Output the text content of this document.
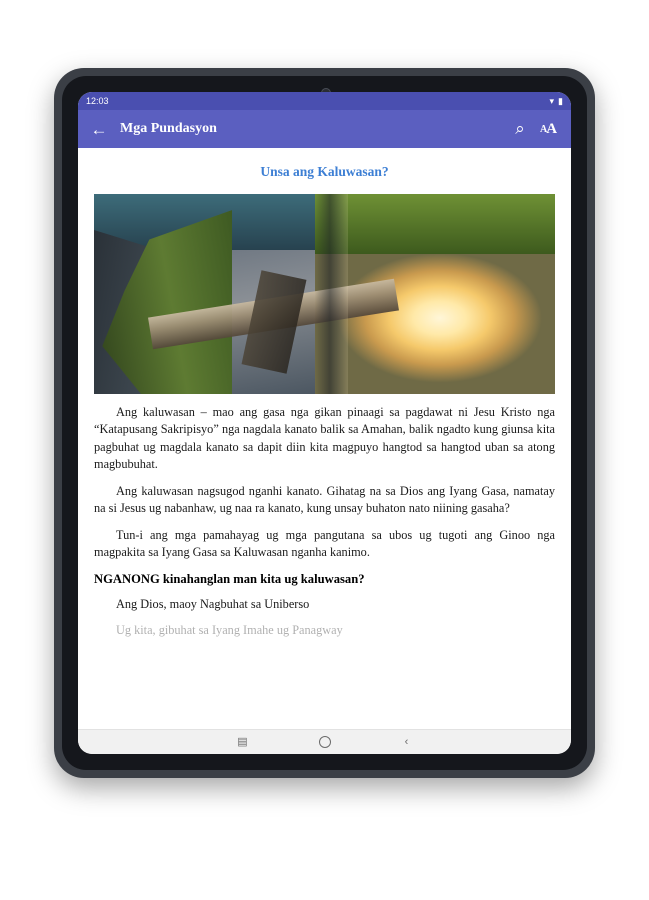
12:03	▾ ▮
← Mga Pundasyon	⌕	A A
Unsa ang Kaluwasan?

Ang kaluwasan – mao ang gasa nga gikan pinaagi sa pagdawat ni Jesu Kristo nga “Katapusang Sakripisyo” nga nagdala kanato balik sa Amahan, balik ngadto kung giunsa kita pagbuhat ug magdala kanato sa dapit diin kita magpuyo hangtod sa hangtod uban sa atong magbubuhat.

Ang kaluwasan nagsugod nganhi kanato. Gihatag na sa Dios ang Iyang Gasa, namatay na si Jesus ug nabanhaw, ug naa ra kanato, kung unsay buhaton nato niining gasaha?

Tun-i ang mga pamahayag ug mga pangutana sa ubos ug tugoti ang Ginoo nga magpakita sa Iyang Gasa sa Kaluwasan nganha kanimo.

NGANONG kinahanglan man kita ug kaluwasan?

Ang Dios, maoy Nagbuhat sa Uniberso

Ug kita, gibuhat sa Iyang Imahe ug Panagway

▤	‹
